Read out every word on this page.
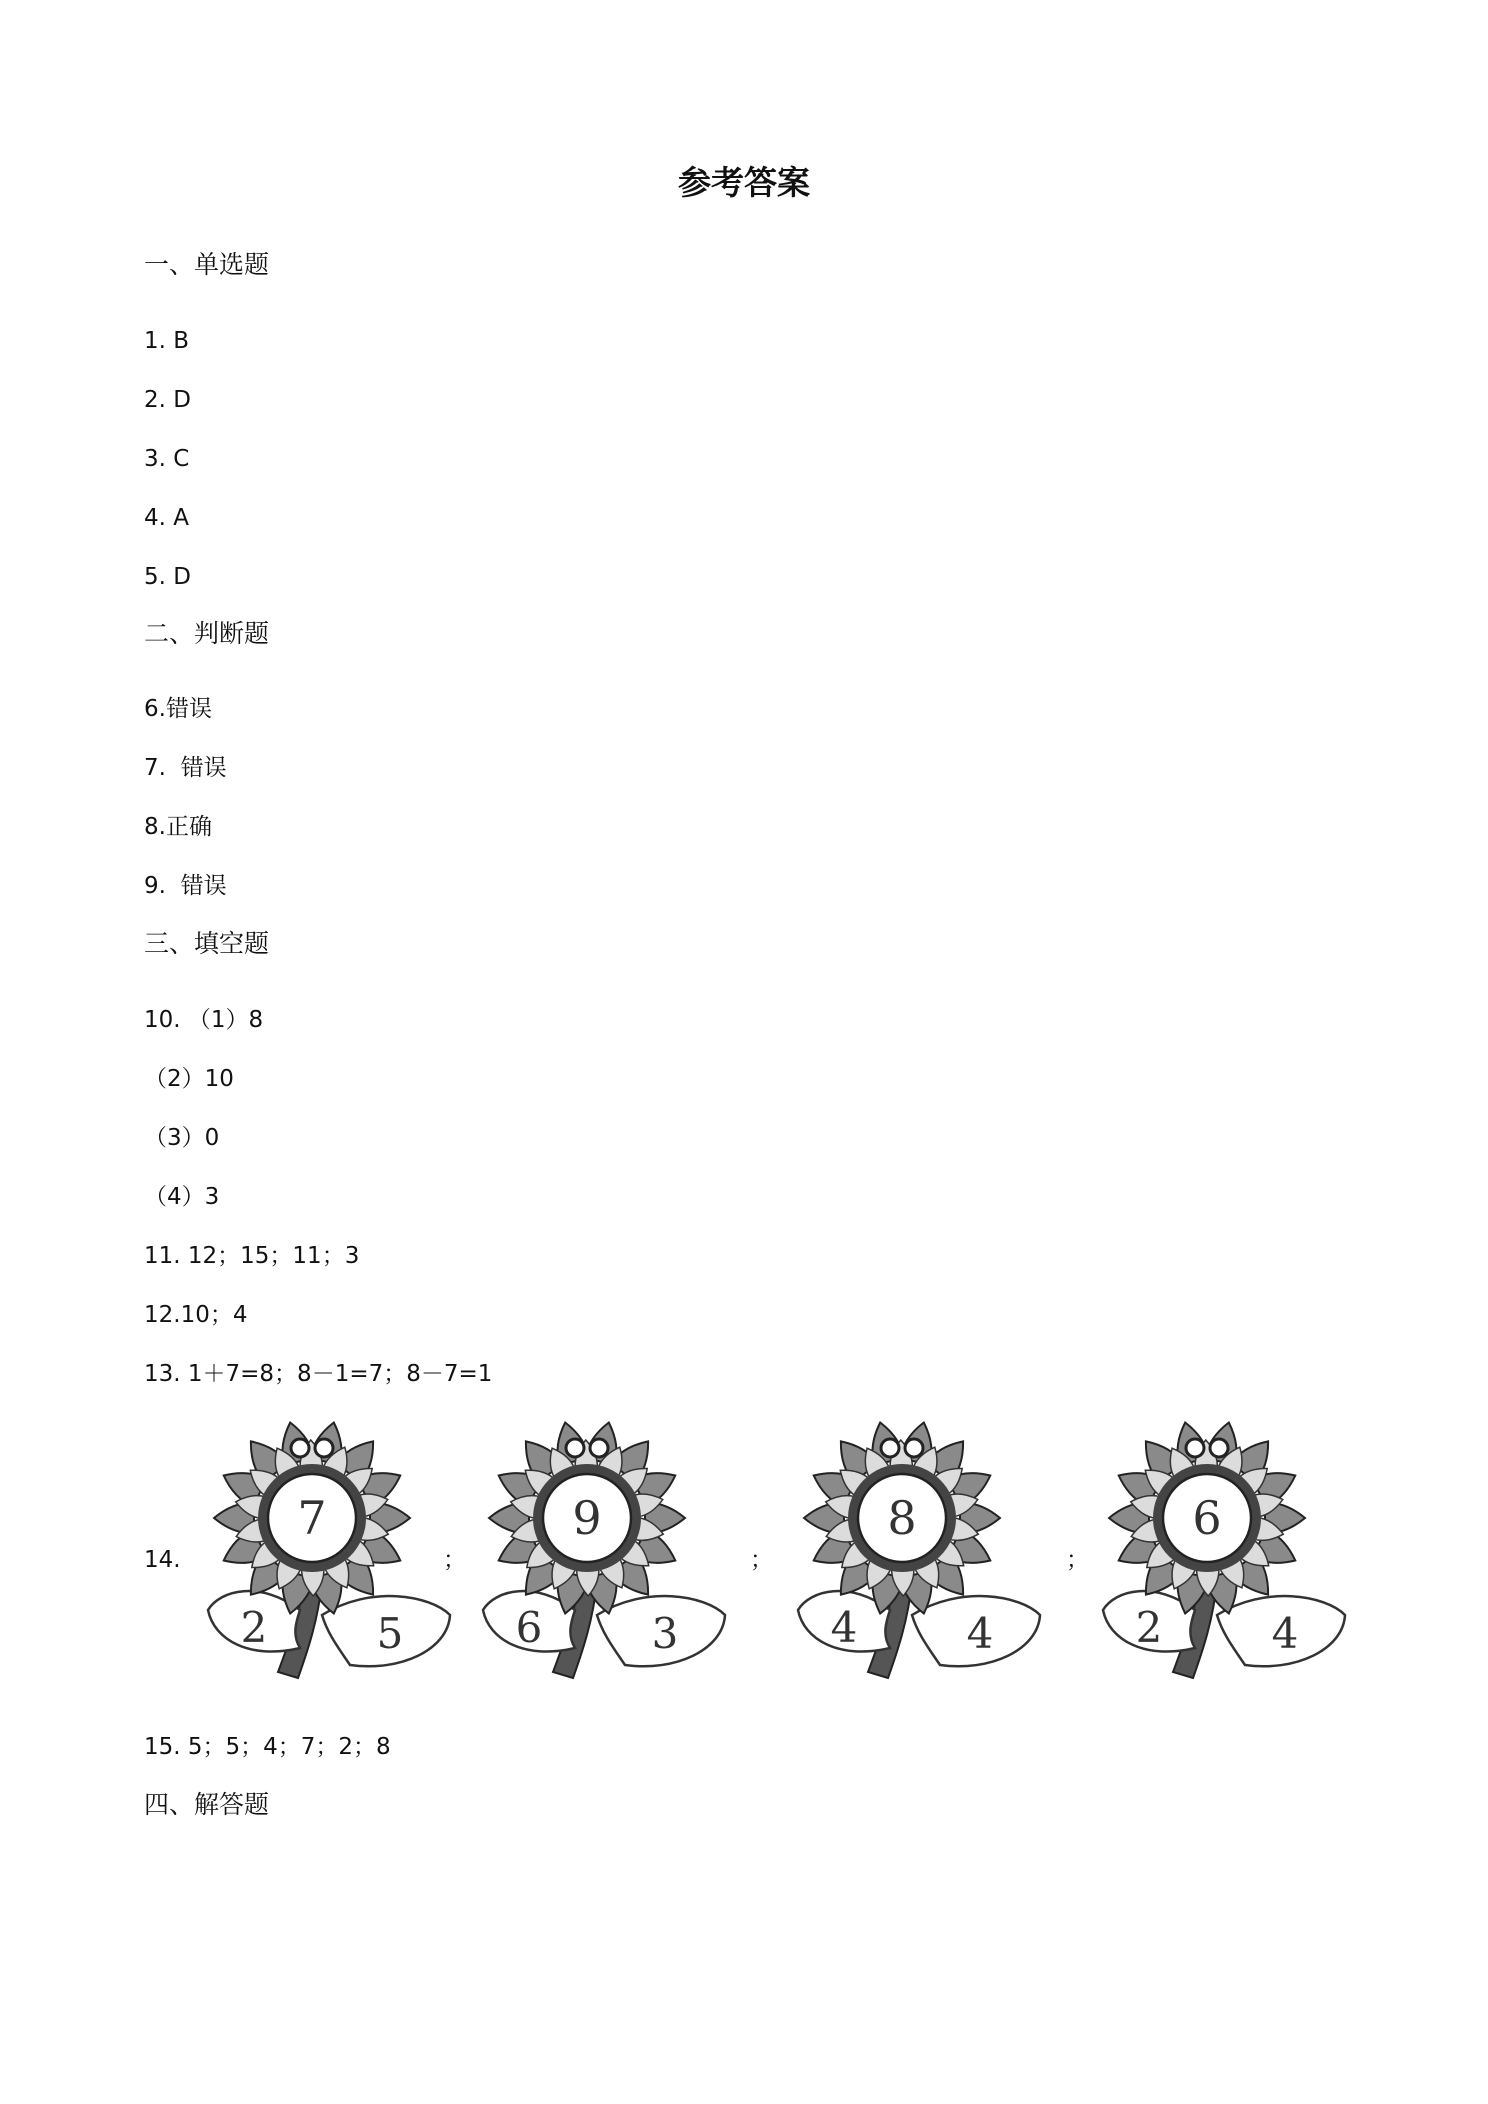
参考答案
一、单选题
1. B
2. D
3. C
4. A
5. D
二、判断题
6.错误
7.  错误
8.正确
9.  错误
三、填空题
10. （1）8
（2）10
（3）0
（4）3
11. 12；15；11；3
12.10；4
13. 1＋7=8；8－1=7；8－7=1
14.
7
2	5
9
6	3
8
4	4
6
2	4
；	；	；
15. 5；5；4；7；2；8
四、解答题
